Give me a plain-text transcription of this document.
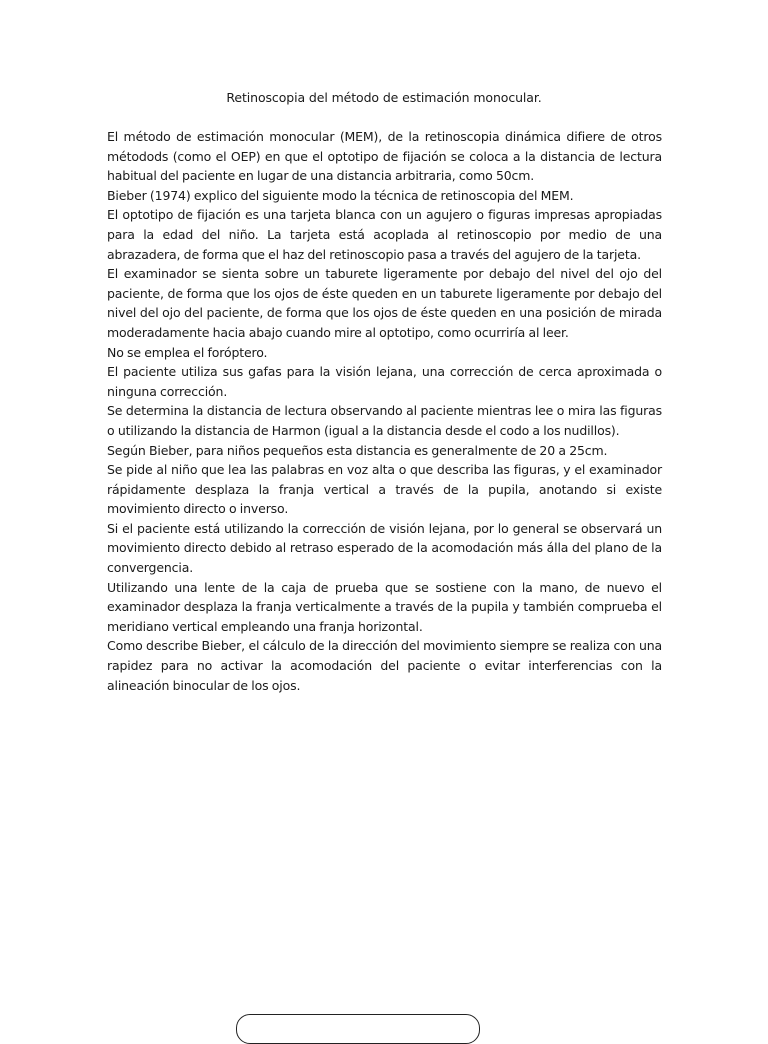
Retinoscopia del método de estimación monocular.

El método de estimación monocular (MEM), de la retinoscopia dinámica difiere de otros métodods (como el OEP) en que el optotipo de fijación se coloca a la distancia de lectura habitual del paciente en lugar de una distancia arbitraria, como 50cm.

Bieber (1974) explico del siguiente modo la técnica de retinoscopia del MEM.

El optotipo de fijación es una tarjeta blanca con un agujero o figuras impresas apropiadas para la edad del niño. La tarjeta está acoplada al retinoscopio por medio de una abrazadera, de forma que el haz del retinoscopio pasa a través del agujero de la tarjeta.

El examinador se sienta sobre un taburete ligeramente por debajo del nivel del ojo del paciente, de forma que los ojos de éste queden en un taburete ligeramente por debajo del nivel del ojo del paciente, de forma que los ojos de éste queden en una posición de mirada moderadamente hacia abajo cuando mire al optotipo, como ocurriría al leer.

No se emplea el foróptero.

El paciente utiliza sus gafas para la visión lejana, una corrección de cerca aproximada o ninguna corrección.

Se determina la distancia de lectura observando al paciente mientras lee o mira las figuras o utilizando la distancia de Harmon (igual a la distancia desde el codo a los nudillos).

Según Bieber, para niños pequeños esta distancia es generalmente de 20 a 25cm.

Se pide al niño que lea las palabras en voz alta o que describa las figuras, y el examinador rápidamente desplaza la franja vertical a través de la pupila, anotando si existe movimiento directo o inverso.

Si el paciente está utilizando la corrección de visión lejana, por lo general se observará un movimiento directo debido al retraso esperado de la acomodación más álla del plano de la convergencia.

Utilizando una lente de la caja de prueba que se sostiene con la mano, de nuevo el examinador desplaza la franja verticalmente a través de la pupila y también comprueba el meridiano vertical empleando una franja horizontal.

Como describe Bieber, el cálculo de la dirección del movimiento siempre se realiza con una rapidez para no activar la acomodación del paciente o evitar interferencias con la alineación binocular de los ojos.
